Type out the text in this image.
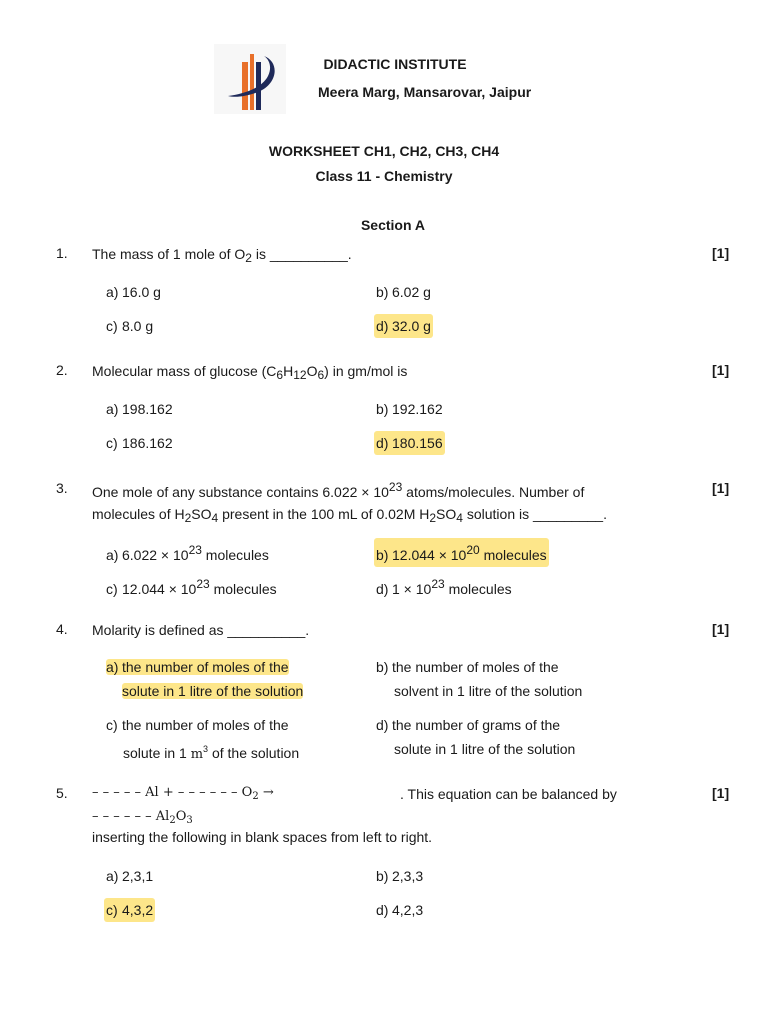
DIDACTIC INSTITUTE
Meera Marg, Mansarovar, Jaipur
WORKSHEET CH1, CH2, CH3, CH4
Class 11 - Chemistry
Section A
1. The mass of 1 mole of O2 is __________.	[1]
a) 16.0 g	b) 6.02 g
c) 8.0 g	d) 32.0 g
2. Molecular mass of glucose (C6H12O6) in gm/mol is	[1]
a) 198.162	b) 192.162
c) 186.162	d) 180.156
3. One mole of any substance contains 6.022 × 1023 atoms/molecules. Number of
molecules of H2SO4 present in the 100 mL of 0.02M H2SO4 solution is _________.
[1]
a) 6.022 × 1023 molecules	b) 12.044 × 1020 molecules
c) 12.044 × 1023 molecules	d) 1 × 1023 molecules
4. Molarity is defined as __________.	[1]
a) the number of moles of the
solute in 1 litre of the solution
b) the number of moles of the
solvent in 1 litre of the solution
c) the number of moles of the
solute in 1 $m^3$ of the solution
d) the number of grams of the
solute in 1 litre of the solution
5. – – – – – Al + – – – – – – $O_2$ →
– – – – – – $Al_2O_3$
. This equation can be balanced by
inserting the following in blank spaces from left to right.
[1]
a) 2,3,1	b) 2,3,3
c) 4,3,2	d) 4,2,3
